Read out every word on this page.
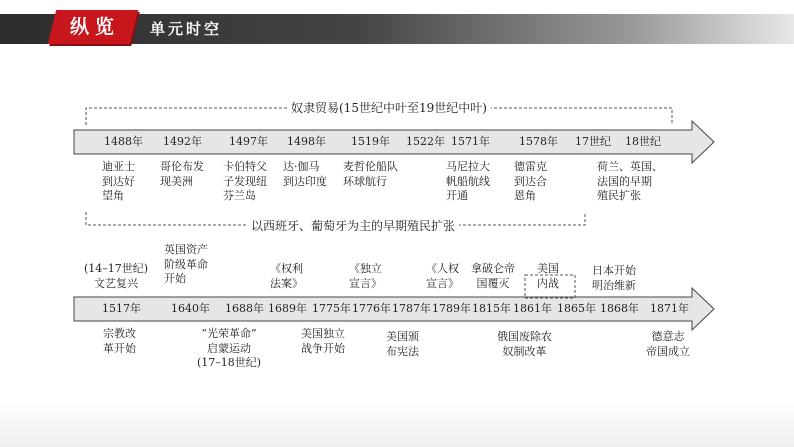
纵览	单元时空
奴隶贸易(15世纪中叶至19世纪中叶)
以西班牙、葡萄牙为主的早期殖民扩张
1488年 1492年 1497年 1498年 1519年 1522年 1571年	1578年 17世纪 18世纪
迪亚士
到达好
望角
哥伦布发
现美洲
卡伯特父
子发现纽
芬兰岛
达·伽马
到达印度
麦哲伦船队
环球航行
马尼拉大
帆船航线
开通
德雷克
到达合
恩角
荷兰、英国、
法国的早期
殖民扩张
(14–17世纪)
文艺复兴
英国资产
阶级革命
开始
《权利
法案》
《独立
宣言》
《人权
宣言》
拿破仑帝
国覆灭
美国
内战
日本开始
明治维新
1517年	1640年 1688年 1689年 1775年 1776年 1787年 1789年 1815年 1861年 1865年 1868年 1871年
宗教改
革开始
“光荣革命”
启蒙运动
(17–18世纪)
美国独立
战争开始
美国颁
布宪法
俄国废除农
奴制改革
德意志
帝国成立
